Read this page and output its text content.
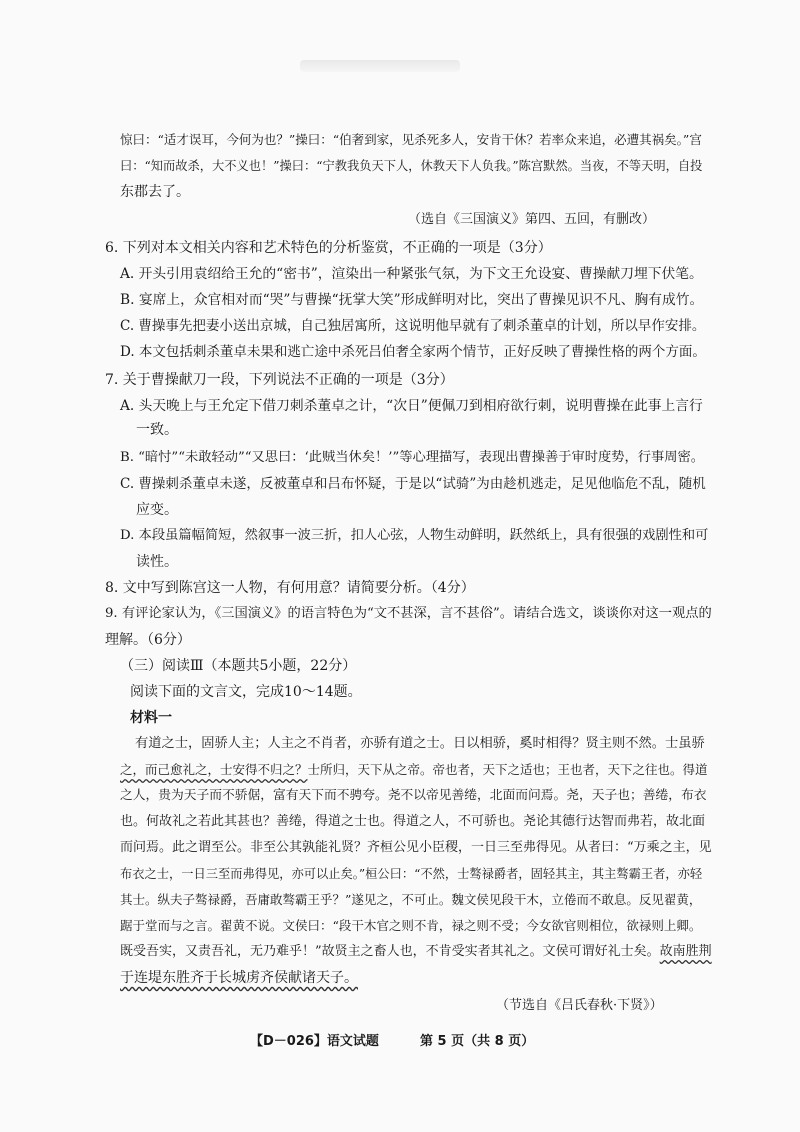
惊曰：“适才误耳，今何为也？”操曰：“伯奢到家，见杀死多人，安肯干休？若率众来追，必遭其祸矣。”宫
曰：“知而故杀，大不义也！”操曰：“宁教我负天下人，休教天下人负我。”陈宫默然。当夜，不等天明，自投
东郡去了。
（选自《三国演义》第四、五回，有删改）
6. 下列对本文相关内容和艺术特色的分析鉴赏，不正确的一项是（3分）
A. 开头引用袁绍给王允的“密书”，渲染出一种紧张气氛，为下文王允设宴、曹操献刀埋下伏笔。
B. 宴席上，众官相对而“哭”与曹操“抚掌大笑”形成鲜明对比，突出了曹操见识不凡、胸有成竹。
C. 曹操事先把妻小送出京城，自己独居寓所，这说明他早就有了刺杀董卓的计划，所以早作安排。
D. 本文包括刺杀董卓未果和逃亡途中杀死吕伯奢全家两个情节，正好反映了曹操性格的两个方面。
7. 关于曹操献刀一段，下列说法不正确的一项是（3分）
A. 头天晚上与王允定下借刀刺杀董卓之计，“次日”便佩刀到相府欲行刺，说明曹操在此事上言行
一致。
B. “暗忖”“未敢轻动”“又思曰：‘此贼当休矣！’”等心理描写，表现出曹操善于审时度势，行事周密。
C. 曹操刺杀董卓未遂，反被董卓和吕布怀疑，于是以“试骑”为由趁机逃走，足见他临危不乱，随机
应变。
D. 本段虽篇幅简短，然叙事一波三折，扣人心弦，人物生动鲜明，跃然纸上，具有很强的戏剧性和可
读性。
8. 文中写到陈宫这一人物，有何用意？请简要分析。（4分）
9. 有评论家认为，《三国演义》的语言特色为“文不甚深，言不甚俗”。请结合选文，谈谈你对这一观点的
理解。（6分）
（三）阅读Ⅲ（本题共5小题，22分）
阅读下面的文言文，完成10～14题。
材料一
有道之士，固骄人主；人主之不肖者，亦骄有道之士。日以相骄，奚时相得？贤主则不然。士虽骄
之，而己愈礼之，士安得不归之？士所归，天下从之帝。帝也者，天下之适也；王也者，天下之往也。得道
之人，贵为天子而不骄倨，富有天下而不骋夸。尧不以帝见善绻，北面而问焉。尧，天子也；善绻，布衣
也。何故礼之若此其甚也？善绻，得道之士也。得道之人，不可骄也。尧论其德行达智而弗若，故北面
而问焉。此之谓至公。非至公其孰能礼贤？齐桓公见小臣稷，一日三至弗得见。从者曰：“万乘之主，见
布衣之士，一日三至而弗得见，亦可以止矣。”桓公曰：“不然，士骜禄爵者，固轻其主，其主骜霸王者，亦轻
其士。纵夫子骜禄爵，吾庸敢骜霸王乎？”遂见之，不可止。魏文侯见段干木，立倦而不敢息。反见翟黄，
踞于堂而与之言。翟黄不说。文侯曰：“段干木官之则不肯，禄之则不受；今女欲官则相位，欲禄则上卿。
既受吾实，又责吾礼，无乃难乎！”故贤主之畜人也，不肯受实者其礼之。文侯可谓好礼士矣。故南胜荆
于连堤东胜齐于长城虏齐侯献诸天子。
（节选自《吕氏春秋·下贤》）
【D－026】语文试题	第 5 页（共 8 页）
